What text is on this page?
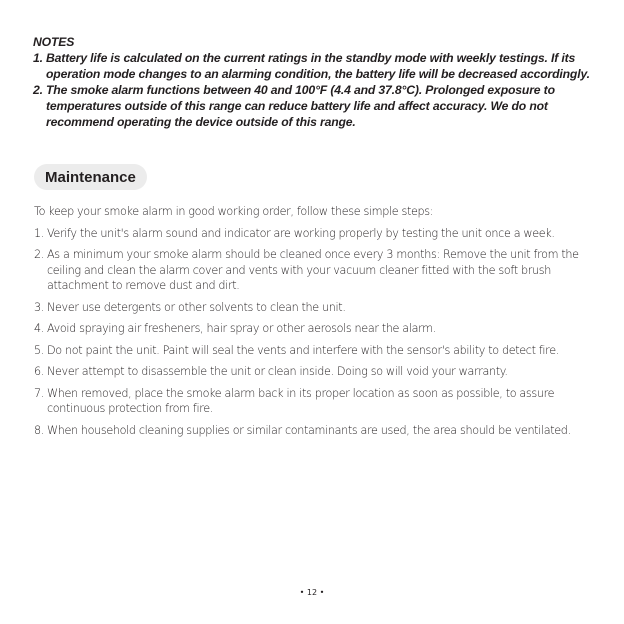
NOTES

1. Battery life is calculated on the current ratings in the standby mode with weekly testings. If its operation mode changes to an alarming condition, the battery life will be decreased accordingly.
2. The smoke alarm functions between 40 and 100°F (4.4 and 37.8°C). Prolonged exposure to temperatures outside of this range can reduce battery life and affect accuracy. We do not recommend operating the device outside of this range.
Maintenance

To keep your smoke alarm in good working order, follow these simple steps:

1. Verify the unit's alarm sound and indicator are working properly by testing the unit once a week.
2. As a minimum your smoke alarm should be cleaned once every 3 months: Remove the unit from the ceiling and clean the alarm cover and vents with your vacuum cleaner fitted with the soft brush attachment to remove dust and dirt.
3. Never use detergents or other solvents to clean the unit.
4. Avoid spraying air fresheners, hair spray or other aerosols near the alarm.
5. Do not paint the unit. Paint will seal the vents and interfere with the sensor's ability to detect fire.
6. Never attempt to disassemble the unit or clean inside. Doing so will void your warranty.
7. When removed, place the smoke alarm back in its proper location as soon as possible, to assure continuous protection from fire.
8. When household cleaning supplies or similar contaminants are used, the area should be ventilated.
• 12 •
